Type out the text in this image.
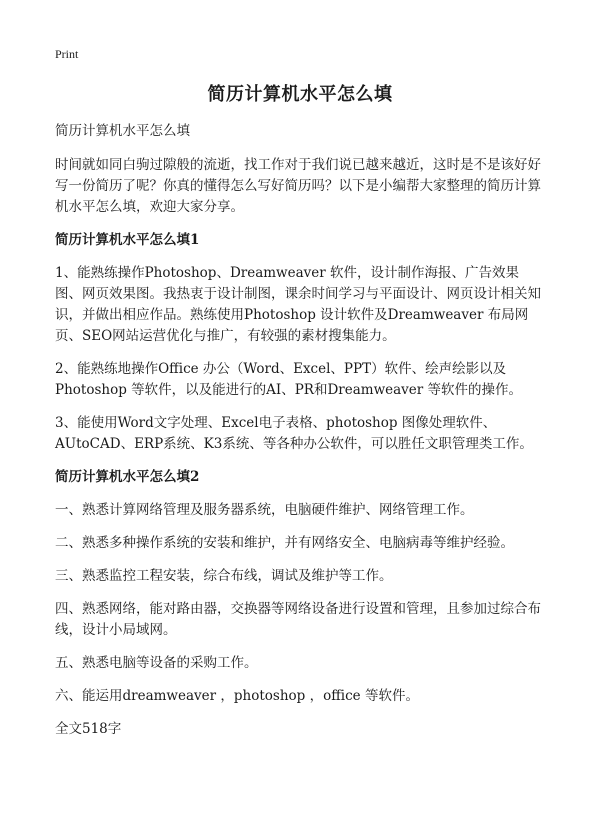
Print
简历计算机水平怎么填

简历计算机水平怎么填

时间就如同白驹过隙般的流逝，找工作对于我们说已越来越近，这时是不是该好好写一份简历了呢？你真的懂得怎么写好简历吗？以下是小编帮大家整理的简历计算机水平怎么填，欢迎大家分享。

简历计算机水平怎么填1

1、能熟练操作Photoshop、Dreamweaver 软件，设计制作海报、广告效果图、网页效果图。我热衷于设计制图，课余时间学习与平面设计、网页设计相关知识，并做出相应作品。熟练使用Photoshop 设计软件及Dreamweaver 布局网页、SEO网站运营优化与推广，有较强的素材搜集能力。

2、能熟练地操作Office 办公（Word、Excel、PPT）软件、绘声绘影以及Photoshop 等软件，以及能进行的AI、PR和Dreamweaver 等软件的操作。

3、能使用Word文字处理、Excel电子表格、photoshop 图像处理软件、AUtoCAD、ERP系统、K3系统、等各种办公软件，可以胜任文职管理类工作。

简历计算机水平怎么填2

一、熟悉计算网络管理及服务器系统，电脑硬件维护、网络管理工作。

二、熟悉多种操作系统的安装和维护，并有网络安全、电脑病毒等维护经验。

三、熟悉监控工程安装，综合布线，调试及维护等工作。

四、熟悉网络，能对路由器，交换器等网络设备进行设置和管理，且参加过综合布线，设计小局域网。

五、熟悉电脑等设备的采购工作。

六、能运用dreamweaver ，photoshop ，office 等软件。

全文518字
